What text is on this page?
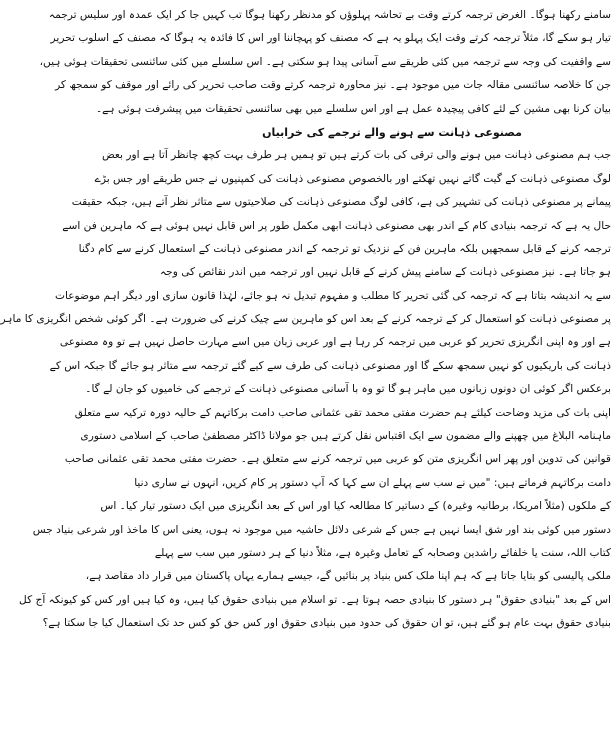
سامنے رکھنا ہوگا۔ الغرض ترجمہ کرتے وقت بے تحاشہ پہلوؤں کو مدنظر رکھنا ہوگا تب کہیں جا کر ایک عمدہ اور سلیس ترجمہ
تیار ہو سکے گا، مثلاً ترجمہ کرتے وقت ایک پہلو یہ ہے کہ مصنف کو پہچاننا اور اس کا فائدہ یہ ہوگا کہ مصنف کے اسلوب تحریر
سے واقفیت کی وجہ سے ترجمہ میں کئی طریقے سے آسانی پیدا ہو سکتی ہے۔ اس سلسلے میں کئی سائنسی تحقیقات ہوئی ہیں،
جن کا خلاصہ سائنسی مقالہ جات میں موجود ہے۔ نیز محاورہ ترجمہ کرتے وقت صاحب تحریر کی رائے اور موقف کو سمجھ کر
بیان کرنا بھی مشین کے لئے کافی پیچیدہ عمل ہے اور اس سلسلے میں بھی سائنسی تحقیقات میں پیشرفت ہوئی ہے۔
مصنوعی ذہانت سے ہونے والے ترجمے کی خرابیاں
جب ہم مصنوعی ذہانت میں ہونے والی ترقی کی بات کرتے ہیں تو ہمیں ہر طرف بہت کچھ چانظر آتا ہے اور بعض
لوگ مصنوعی ذہانت کے گیت گاتے نہیں تھکتے اور بالخصوص مصنوعی ذہانت کی کمپنیوں نے جس طریقے اور جس بڑے
پیمانے پر مصنوعی ذہانت کی تشہیر کی ہے، کافی لوگ مصنوعی ذہانت کی صلاحیتوں سے متاثر نظر آتے ہیں، جبکہ حقیقت
حال یہ ہے کہ ترجمہ بنیادی کام کے اندر بھی مصنوعی ذہانت ابھی مکمل طور پر اس قابل نہیں ہوئی ہے کہ ماہرین فن اسے
ترجمہ کرنے کے قابل سمجھیں بلکہ ماہرین فن کے نزدیک تو ترجمہ کے اندر مصنوعی ذہانت کے استعمال کرنے سے کام دگنا
ہو جاتا ہے۔ نیز مصنوعی ذہانت کے سامنے پیش کرنے کے قابل نہیں اور ترجمہ میں اندر نقائص کی وجہ
سے یہ اندیشہ بتاتا ہے کہ ترجمہ کی گئی تحریر کا مطلب و مفہوم تبدیل نہ ہو جائے، لہٰذا قانون سازی اور دیگر اہم موضوعات
پر مصنوعی ذہانت کو استعمال کر کے ترجمہ کرنے کے بعد اس کو ماہرین سے چیک کرنے کی ضرورت ہے۔ اگر کوئی شخص انگریزی کا ماہر
ہے اور وہ اپنی انگریزی تحریر کو عربی میں ترجمہ کر رہا ہے اور عربی زبان میں اسے مہارت حاصل نہیں ہے تو وہ مصنوعی
ذہانت کی باریکیوں کو نہیں سمجھ سکے گا اور مصنوعی ذہانت کی طرف سے کیے گئے ترجمہ سے متاثر ہو جائے گا جبکہ اس کے
برعکس اگر کوئی ان دونوں زبانوں میں ماہر ہو گا تو وہ با آسانی مصنوعی ذہانت کے ترجمے کی خامیوں کو جان لے گا۔
اپنی بات کی مزید وضاحت کیلئے ہم حضرت مفتی محمد تقی عثمانی صاحب دامت برکاتہم کے حالیہ دورہ ترکیہ سے متعلق
ماہنامہ البلاغ میں چھپنے والے مضمون سے ایک اقتباس نقل کرتے ہیں جو مولانا ڈاکٹر مصطفیٰ صاحب کے اسلامی دستوری
قوانین کی تدوین اور پھر اس انگریزی متن کو عربی میں ترجمہ کرنے سے متعلق ہے۔ حضرت مفتی محمد تقی عثمانی صاحب
دامت برکاتہم فرماتے ہیں: "میں نے سب سے پہلے ان سے کہا کہ آپ دستور پر کام کریں، انہوں نے ساری دنیا
کے ملکوں (مثلاً امریکا، برطانیہ وغیرہ) کے دساتیر کا مطالعہ کیا اور اس کے بعد انگریزی میں ایک دستور تیار کیا۔ اس
دستور میں کوئی بند اور شق ایسا نہیں ہے جس کے شرعی دلائل حاشیہ میں موجود نہ ہوں، یعنی اس کا ماخذ اور شرعی بنیاد جس
کتاب اللہ، سنت یا خلفائے راشدین وصحابہ کے تعامل وغیرہ ہے، مثلاً دنیا کے ہر دستور میں سب سے پہلے
ملکی پالیسی کو بتایا جاتا ہے کہ ہم اپنا ملک کس بنیاد پر بنائیں گے، جیسے ہمارے یہاں پاکستان میں قرار داد مقاصد ہے،
اس کے بعد "بنیادی حقوق" ہر دستور کا بنیادی حصہ ہوتا ہے۔ تو اسلام میں بنیادی حقوق کیا ہیں، وہ کیا ہیں اور کس کو کیونکہ آج کل
بنیادی حقوق بہت عام ہو گئے ہیں، تو ان حقوق کی حدود میں بنیادی حقوق اور کس حق کو کس حد تک استعمال کیا جا سکتا ہے؟
